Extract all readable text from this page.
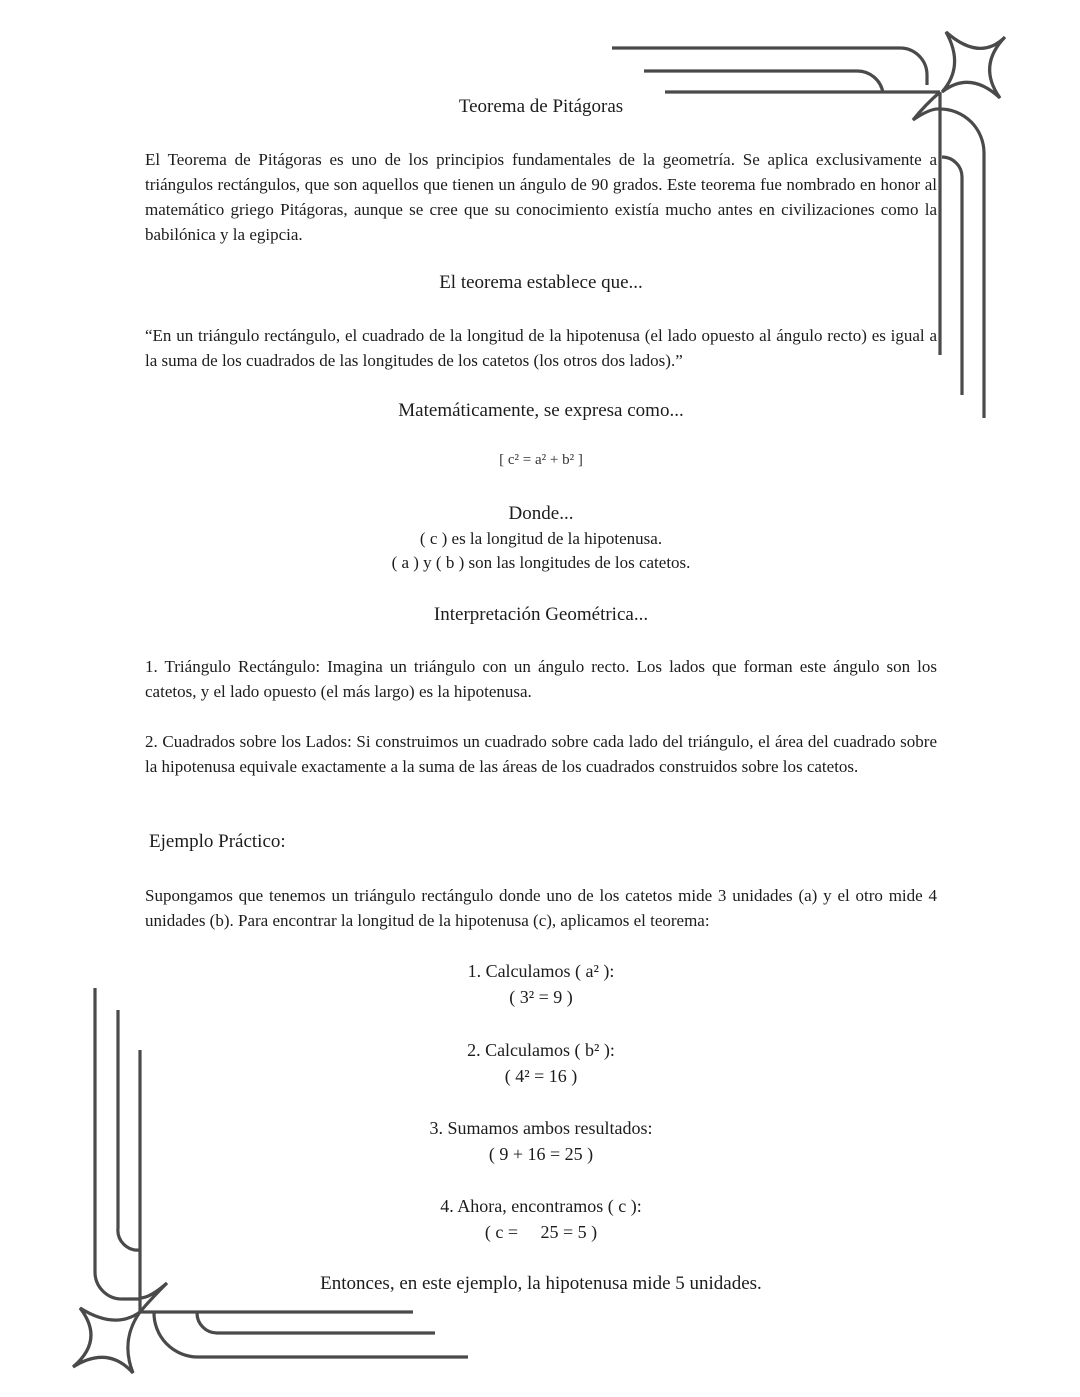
Teorema de Pitágoras
El Teorema de Pitágoras es uno de los principios fundamentales de la geometría. Se aplica exclusivamente a triángulos rectángulos, que son aquellos que tienen un ángulo de 90 grados. Este teorema fue nombrado en honor al matemático griego Pitágoras, aunque se cree que su conocimiento existía mucho antes en civilizaciones como la babilónica y la egipcia.
El teorema establece que...
“En un triángulo rectángulo, el cuadrado de la longitud de la hipotenusa (el lado opuesto al ángulo recto) es igual a la suma de los cuadrados de las longitudes de los catetos (los otros dos lados).”
Matemáticamente, se expresa como...
[ c² = a² + b² ]
Donde...
( c ) es la longitud de la hipotenusa.
( a ) y ( b ) son las longitudes de los catetos.
Interpretación Geométrica...
1. Triángulo Rectángulo: Imagina un triángulo con un ángulo recto. Los lados que forman este ángulo son los catetos, y el lado opuesto (el más largo) es la hipotenusa.
2. Cuadrados sobre los Lados: Si construimos un cuadrado sobre cada lado del triángulo, el área del cuadrado sobre la hipotenusa equivale exactamente a la suma de las áreas de los cuadrados construidos sobre los catetos.
Ejemplo Práctico:
Supongamos que tenemos un triángulo rectángulo donde uno de los catetos mide 3 unidades (a) y el otro mide 4 unidades (b). Para encontrar la longitud de la hipotenusa (c), aplicamos el teorema:
1. Calculamos ( a² ):
( 3² = 9 )
2. Calculamos ( b² ):
( 4² = 16 )
3. Sumamos ambos resultados:
( 9 + 16 = 25 )
4. Ahora, encontramos ( c ):
( c =     25 = 5 )
Entonces, en este ejemplo, la hipotenusa mide 5 unidades.
